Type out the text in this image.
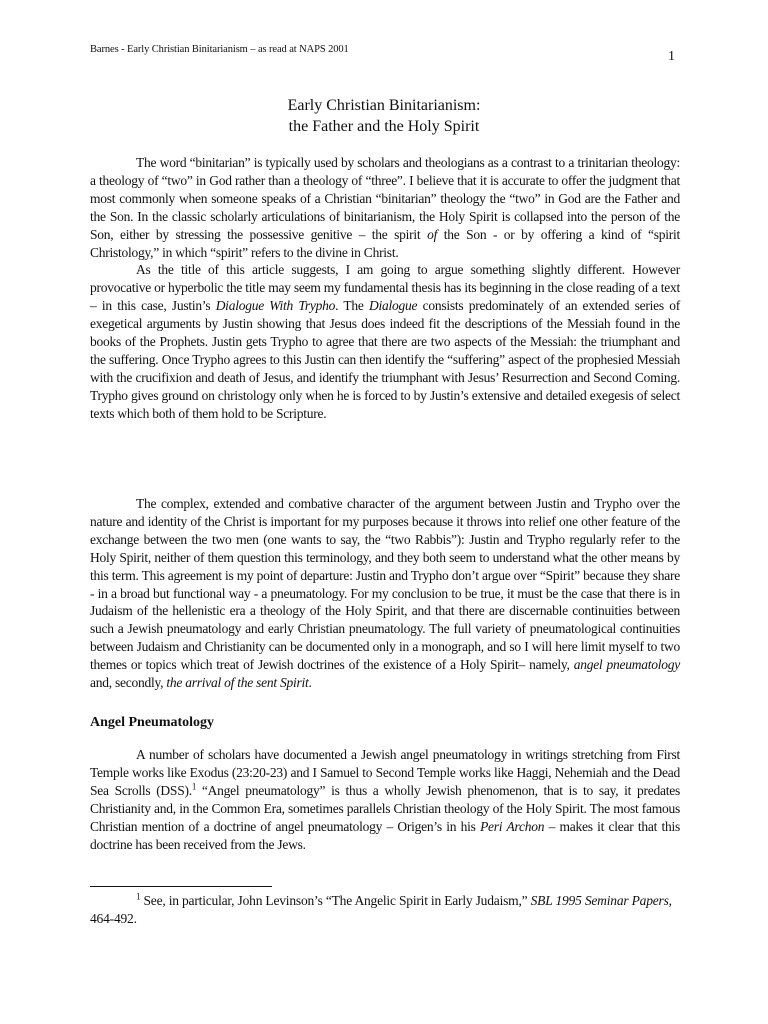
Barnes - Early Christian Binitarianism – as read at NAPS 2001	1
Early Christian Binitarianism:
the Father and the Holy Spirit

The word “binitarian” is typically used by scholars and theologians as a contrast to a trinitarian theology: a theology of “two” in God rather than a theology of “three”. I believe that it is accurate to offer the judgment that most commonly when someone speaks of a Christian “binitarian” theology the “two” in God are the Father and the Son. In the classic scholarly articulations of binitarianism, the Holy Spirit is collapsed into the person of the Son, either by stressing the possessive genitive – the spirit of the Son - or by offering a kind of “spirit Christology,” in which “spirit” refers to the divine in Christ.

As the title of this article suggests, I am going to argue something slightly different. However provocative or hyperbolic the title may seem my fundamental thesis has its beginning in the close reading of a text – in this case, Justin’s Dialogue With Trypho. The Dialogue consists predominately of an extended series of exegetical arguments by Justin showing that Jesus does indeed fit the descriptions of the Messiah found in the books of the Prophets. Justin gets Trypho to agree that there are two aspects of the Messiah: the triumphant and the suffering. Once Trypho agrees to this Justin can then identify the “suffering” aspect of the prophesied Messiah with the crucifixion and death of Jesus, and identify the triumphant with Jesus’ Resurrection and Second Coming. Trypho gives ground on christology only when he is forced to by Justin’s extensive and detailed exegesis of select texts which both of them hold to be Scripture.

The complex, extended and combative character of the argument between Justin and Trypho over the nature and identity of the Christ is important for my purposes because it throws into relief one other feature of the exchange between the two men (one wants to say, the “two Rabbis”): Justin and Trypho regularly refer to the Holy Spirit, neither of them question this terminology, and they both seem to understand what the other means by this term. This agreement is my point of departure: Justin and Trypho don’t argue over “Spirit” because they share - in a broad but functional way - a pneumatology. For my conclusion to be true, it must be the case that there is in Judaism of the hellenistic era a theology of the Holy Spirit, and that there are discernable continuities between such a Jewish pneumatology and early Christian pneumatology. The full variety of pneumatological continuities between Judaism and Christianity can be documented only in a monograph, and so I will here limit myself to two themes or topics which treat of Jewish doctrines of the existence of a Holy Spirit– namely, angel pneumatology and, secondly, the arrival of the sent Spirit.

Angel Pneumatology

A number of scholars have documented a Jewish angel pneumatology in writings stretching from First Temple works like Exodus (23:20-23) and I Samuel to Second Temple works like Haggi, Nehemiah and the Dead Sea Scrolls (DSS).$^1$ “Angel pneumatology” is thus a wholly Jewish phenomenon, that is to say, it predates Christianity and, in the Common Era, sometimes parallels Christian theology of the Holy Spirit. The most famous Christian mention of a doctrine of angel pneumatology – Origen’s in his Peri Archon – makes it clear that this doctrine has been received from the Jews.

$^1$ See, in particular, John Levinson’s “The Angelic Spirit in Early Judaism,” SBL 1995 Seminar Papers, 464-492.
